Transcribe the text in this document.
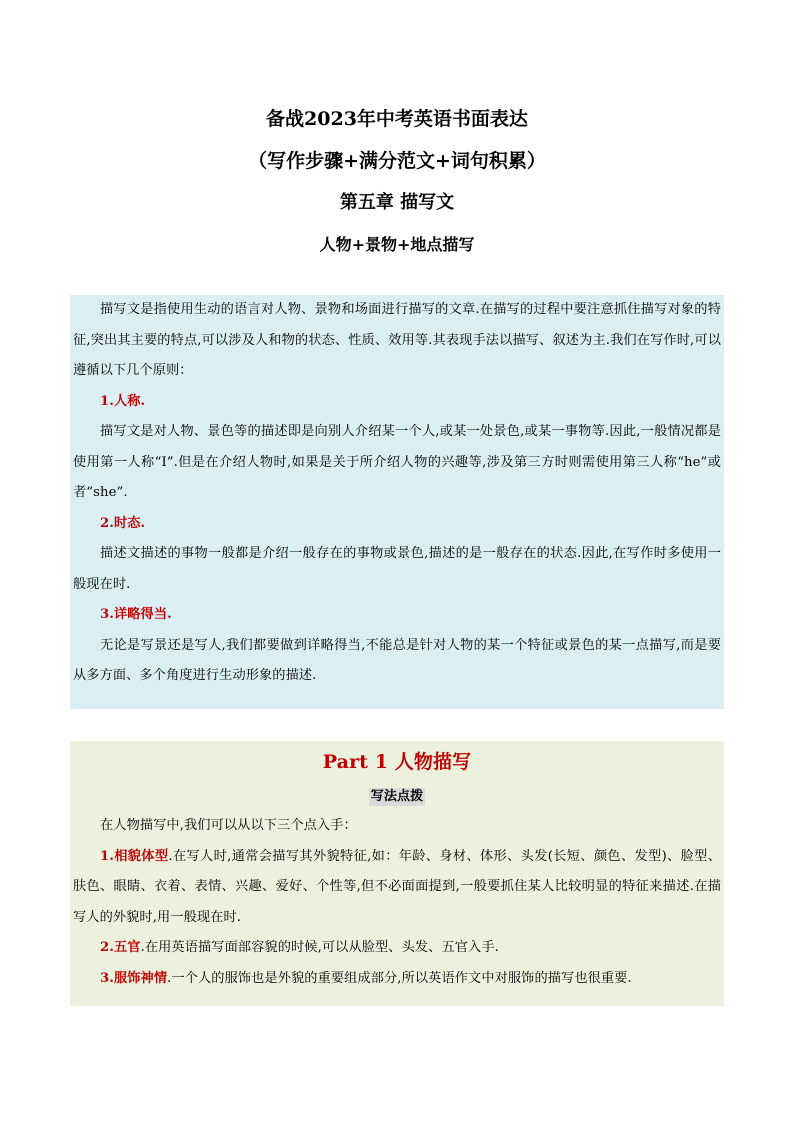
备战2023年中考英语书面表达
（写作步骤+满分范文+词句积累）
第五章 描写文
人物+景物+地点描写

描写文是指使用生动的语言对人物、景物和场面进行描写的文章.在描写的过程中要注意抓住描写对象的特征,突出其主要的特点,可以涉及人和物的状态、性质、效用等.其表现手法以描写、叙述为主.我们在写作时,可以遵循以下几个原则：

1.人称.

描写文是对人物、景色等的描述即是向别人介绍某一个人,或某一处景色,或某一事物等.因此,一般情况都是使用第一人称“I”.但是在介绍人物时,如果是关于所介绍人物的兴趣等,涉及第三方时则需使用第三人称“he”或者“she”.

2.时态.

描述文描述的事物一般都是介绍一般存在的事物或景色,描述的是一般存在的状态.因此,在写作时多使用一般现在时.

3.详略得当.

无论是写景还是写人,我们都要做到详略得当,不能总是针对人物的某一个特征或景色的某一点描写,而是要从多方面、多个角度进行生动形象的描述.

Part 1 人物描写

写法点拨

在人物描写中,我们可以从以下三个点入手：

1.相貌体型.在写人时,通常会描写其外貌特征,如：年龄、身材、体形、头发(长短、颜色、发型)、脸型、肤色、眼睛、衣着、表情、兴趣、爱好、个性等,但不必面面提到,一般要抓住某人比较明显的特征来描述.在描写人的外貌时,用一般现在时.

2.五官.在用英语描写面部容貌的时候,可以从脸型、头发、五官入手.

3.服饰神情.一个人的服饰也是外貌的重要组成部分,所以英语作文中对服饰的描写也很重要.
